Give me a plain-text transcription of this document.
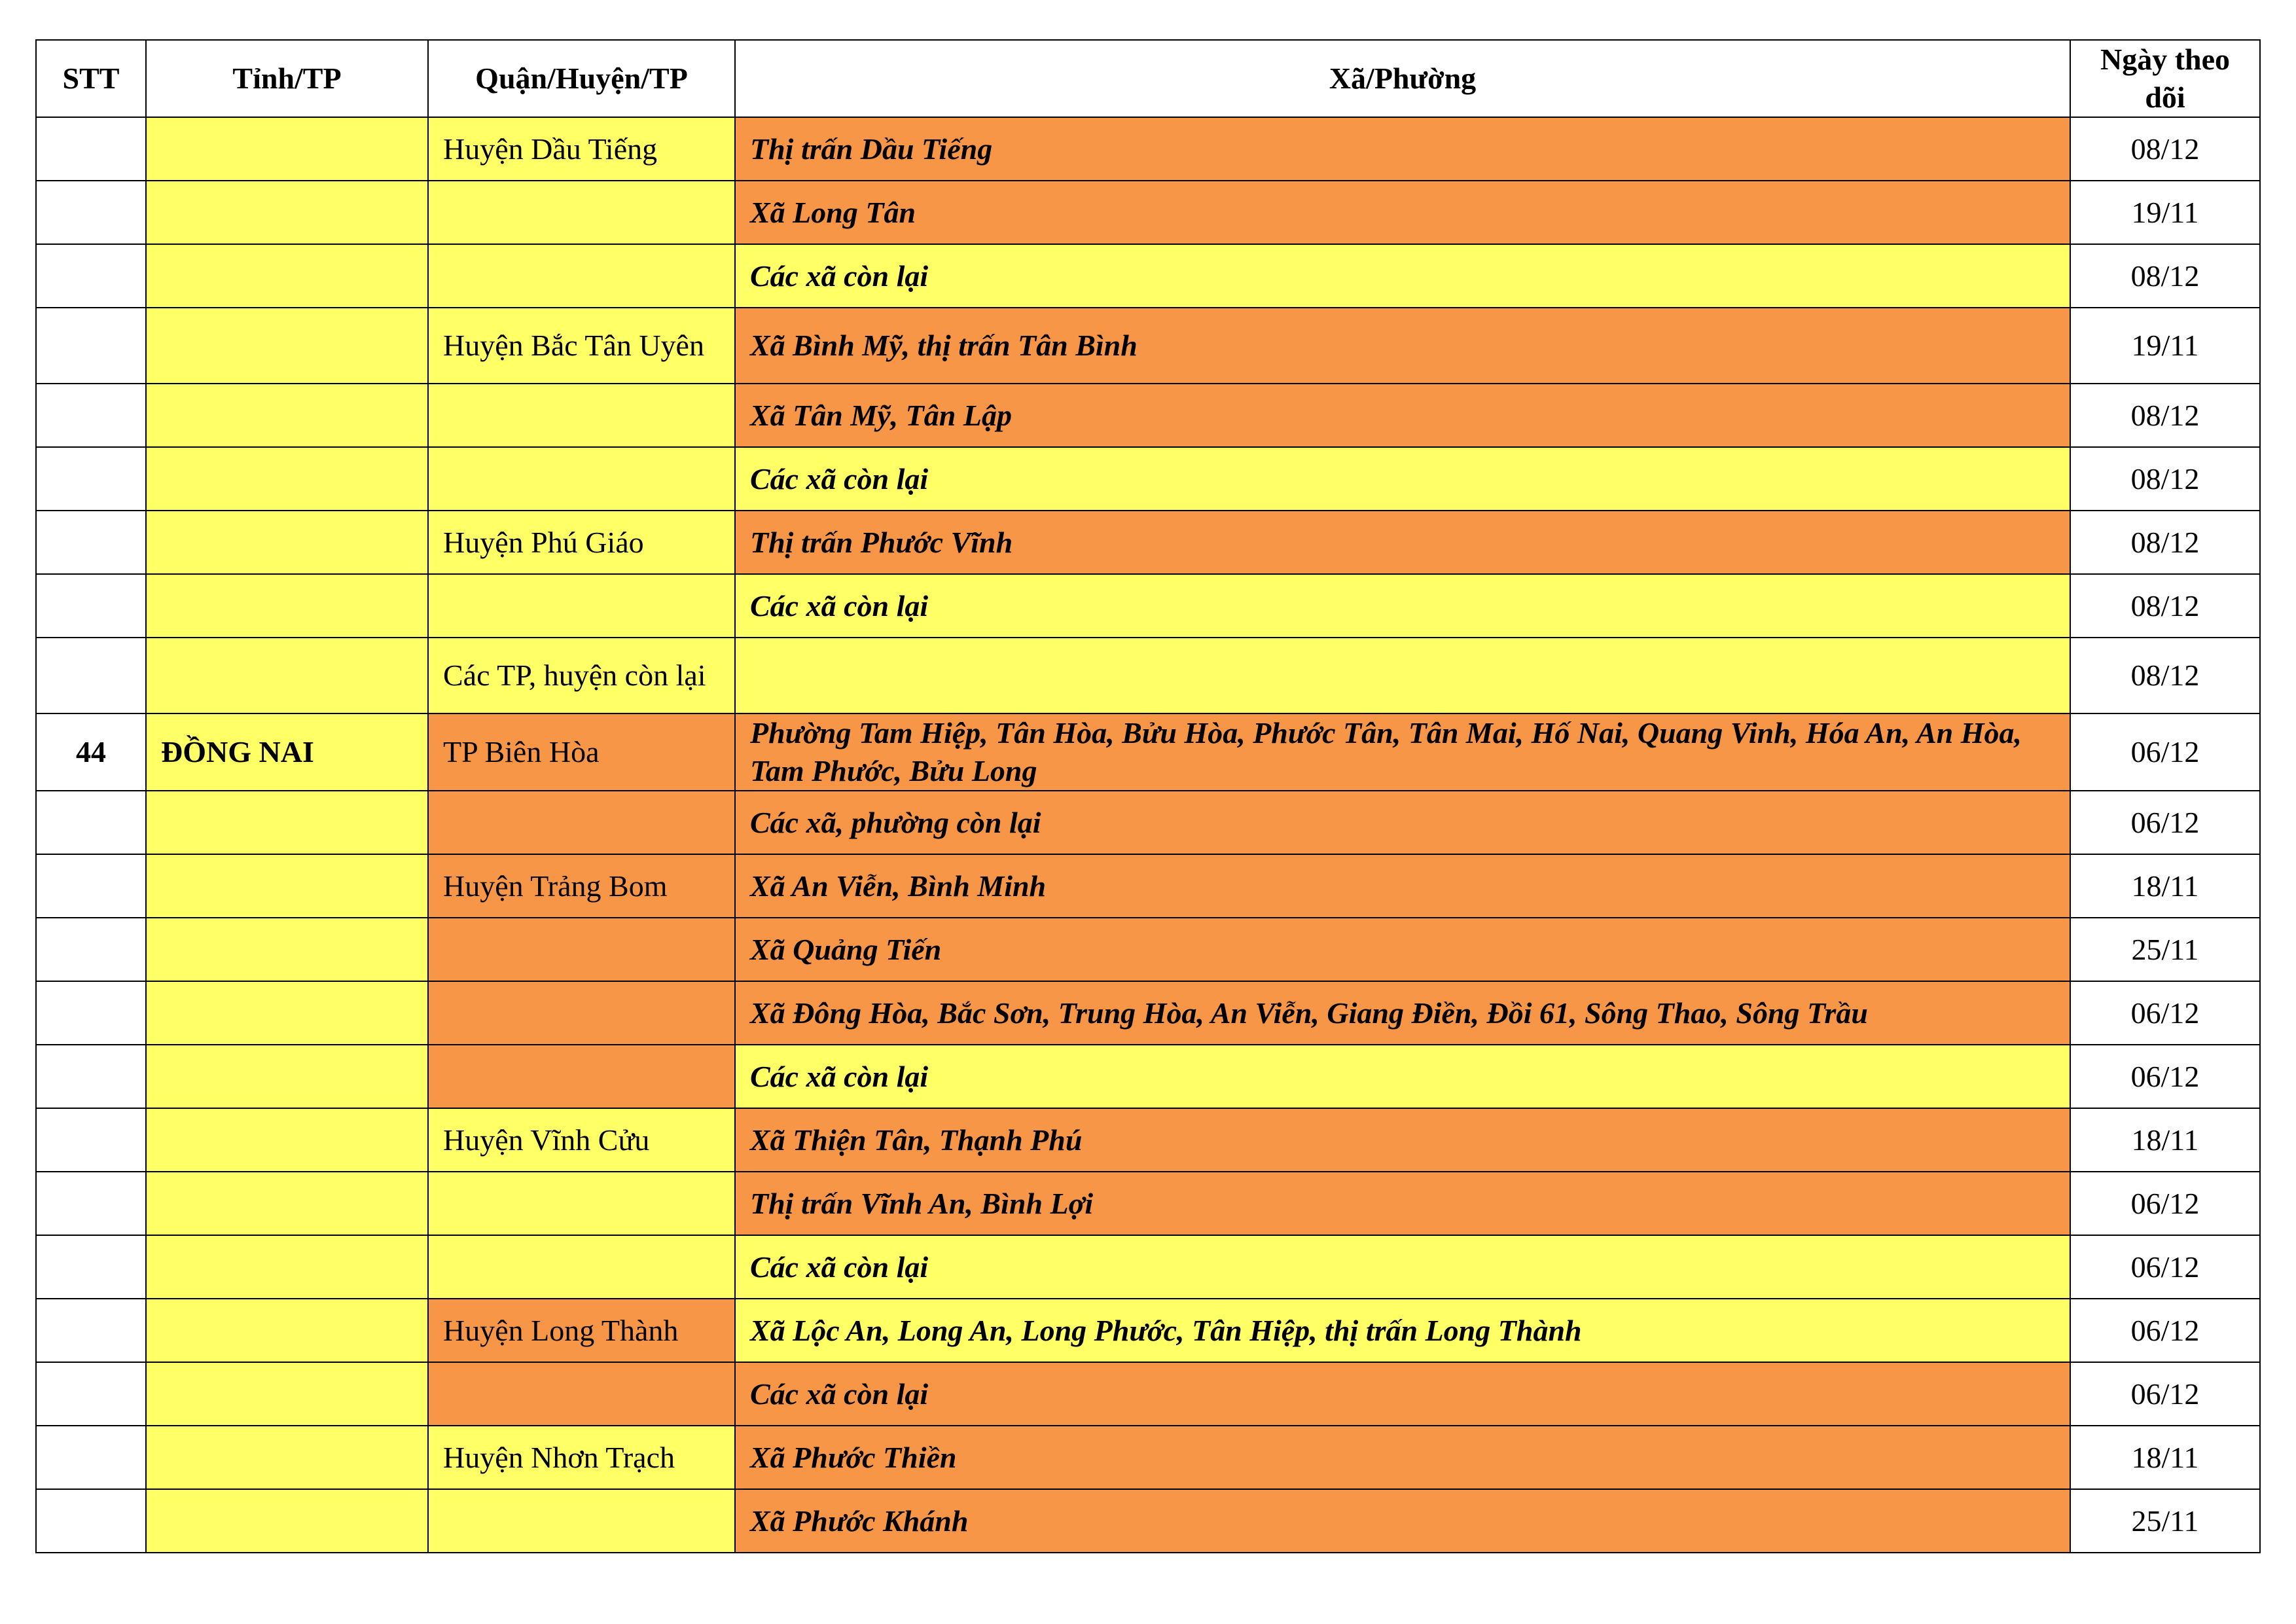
STT	Tỉnh/TP	Quận/Huyện/TP	Xã/Phường	Ngày theo dõi
		Huyện Dầu Tiếng	Thị trấn Dầu Tiếng	08/12
			Xã Long Tân	19/11
			Các xã còn lại	08/12
		Huyện Bắc Tân Uyên	Xã Bình Mỹ, thị trấn Tân Bình	19/11
			Xã Tân Mỹ, Tân Lập	08/12
			Các xã còn lại	08/12
		Huyện Phú Giáo	Thị trấn Phước Vĩnh	08/12
			Các xã còn lại	08/12
		Các TP, huyện còn lại		08/12
44	ĐỒNG NAI	TP Biên Hòa	Phường Tam Hiệp, Tân Hòa, Bửu Hòa, Phước Tân, Tân Mai, Hố Nai, Quang Vinh, Hóa An, An Hòa, Tam Phước, Bửu Long	06/12
			Các xã, phường còn lại	06/12
		Huyện Trảng Bom	Xã An Viễn, Bình Minh	18/11
			Xã Quảng Tiến	25/11
			Xã Đông Hòa, Bắc Sơn, Trung Hòa, An Viễn, Giang Điền, Đồi 61, Sông Thao, Sông Trầu	06/12
			Các xã còn lại	06/12
		Huyện Vĩnh Cửu	Xã Thiện Tân, Thạnh Phú	18/11
			Thị trấn Vĩnh An, Bình Lợi	06/12
			Các xã còn lại	06/12
		Huyện Long Thành	Xã Lộc An, Long An, Long Phước, Tân Hiệp, thị trấn Long Thành	06/12
			Các xã còn lại	06/12
		Huyện Nhơn Trạch	Xã Phước Thiền	18/11
			Xã Phước Khánh	25/11
